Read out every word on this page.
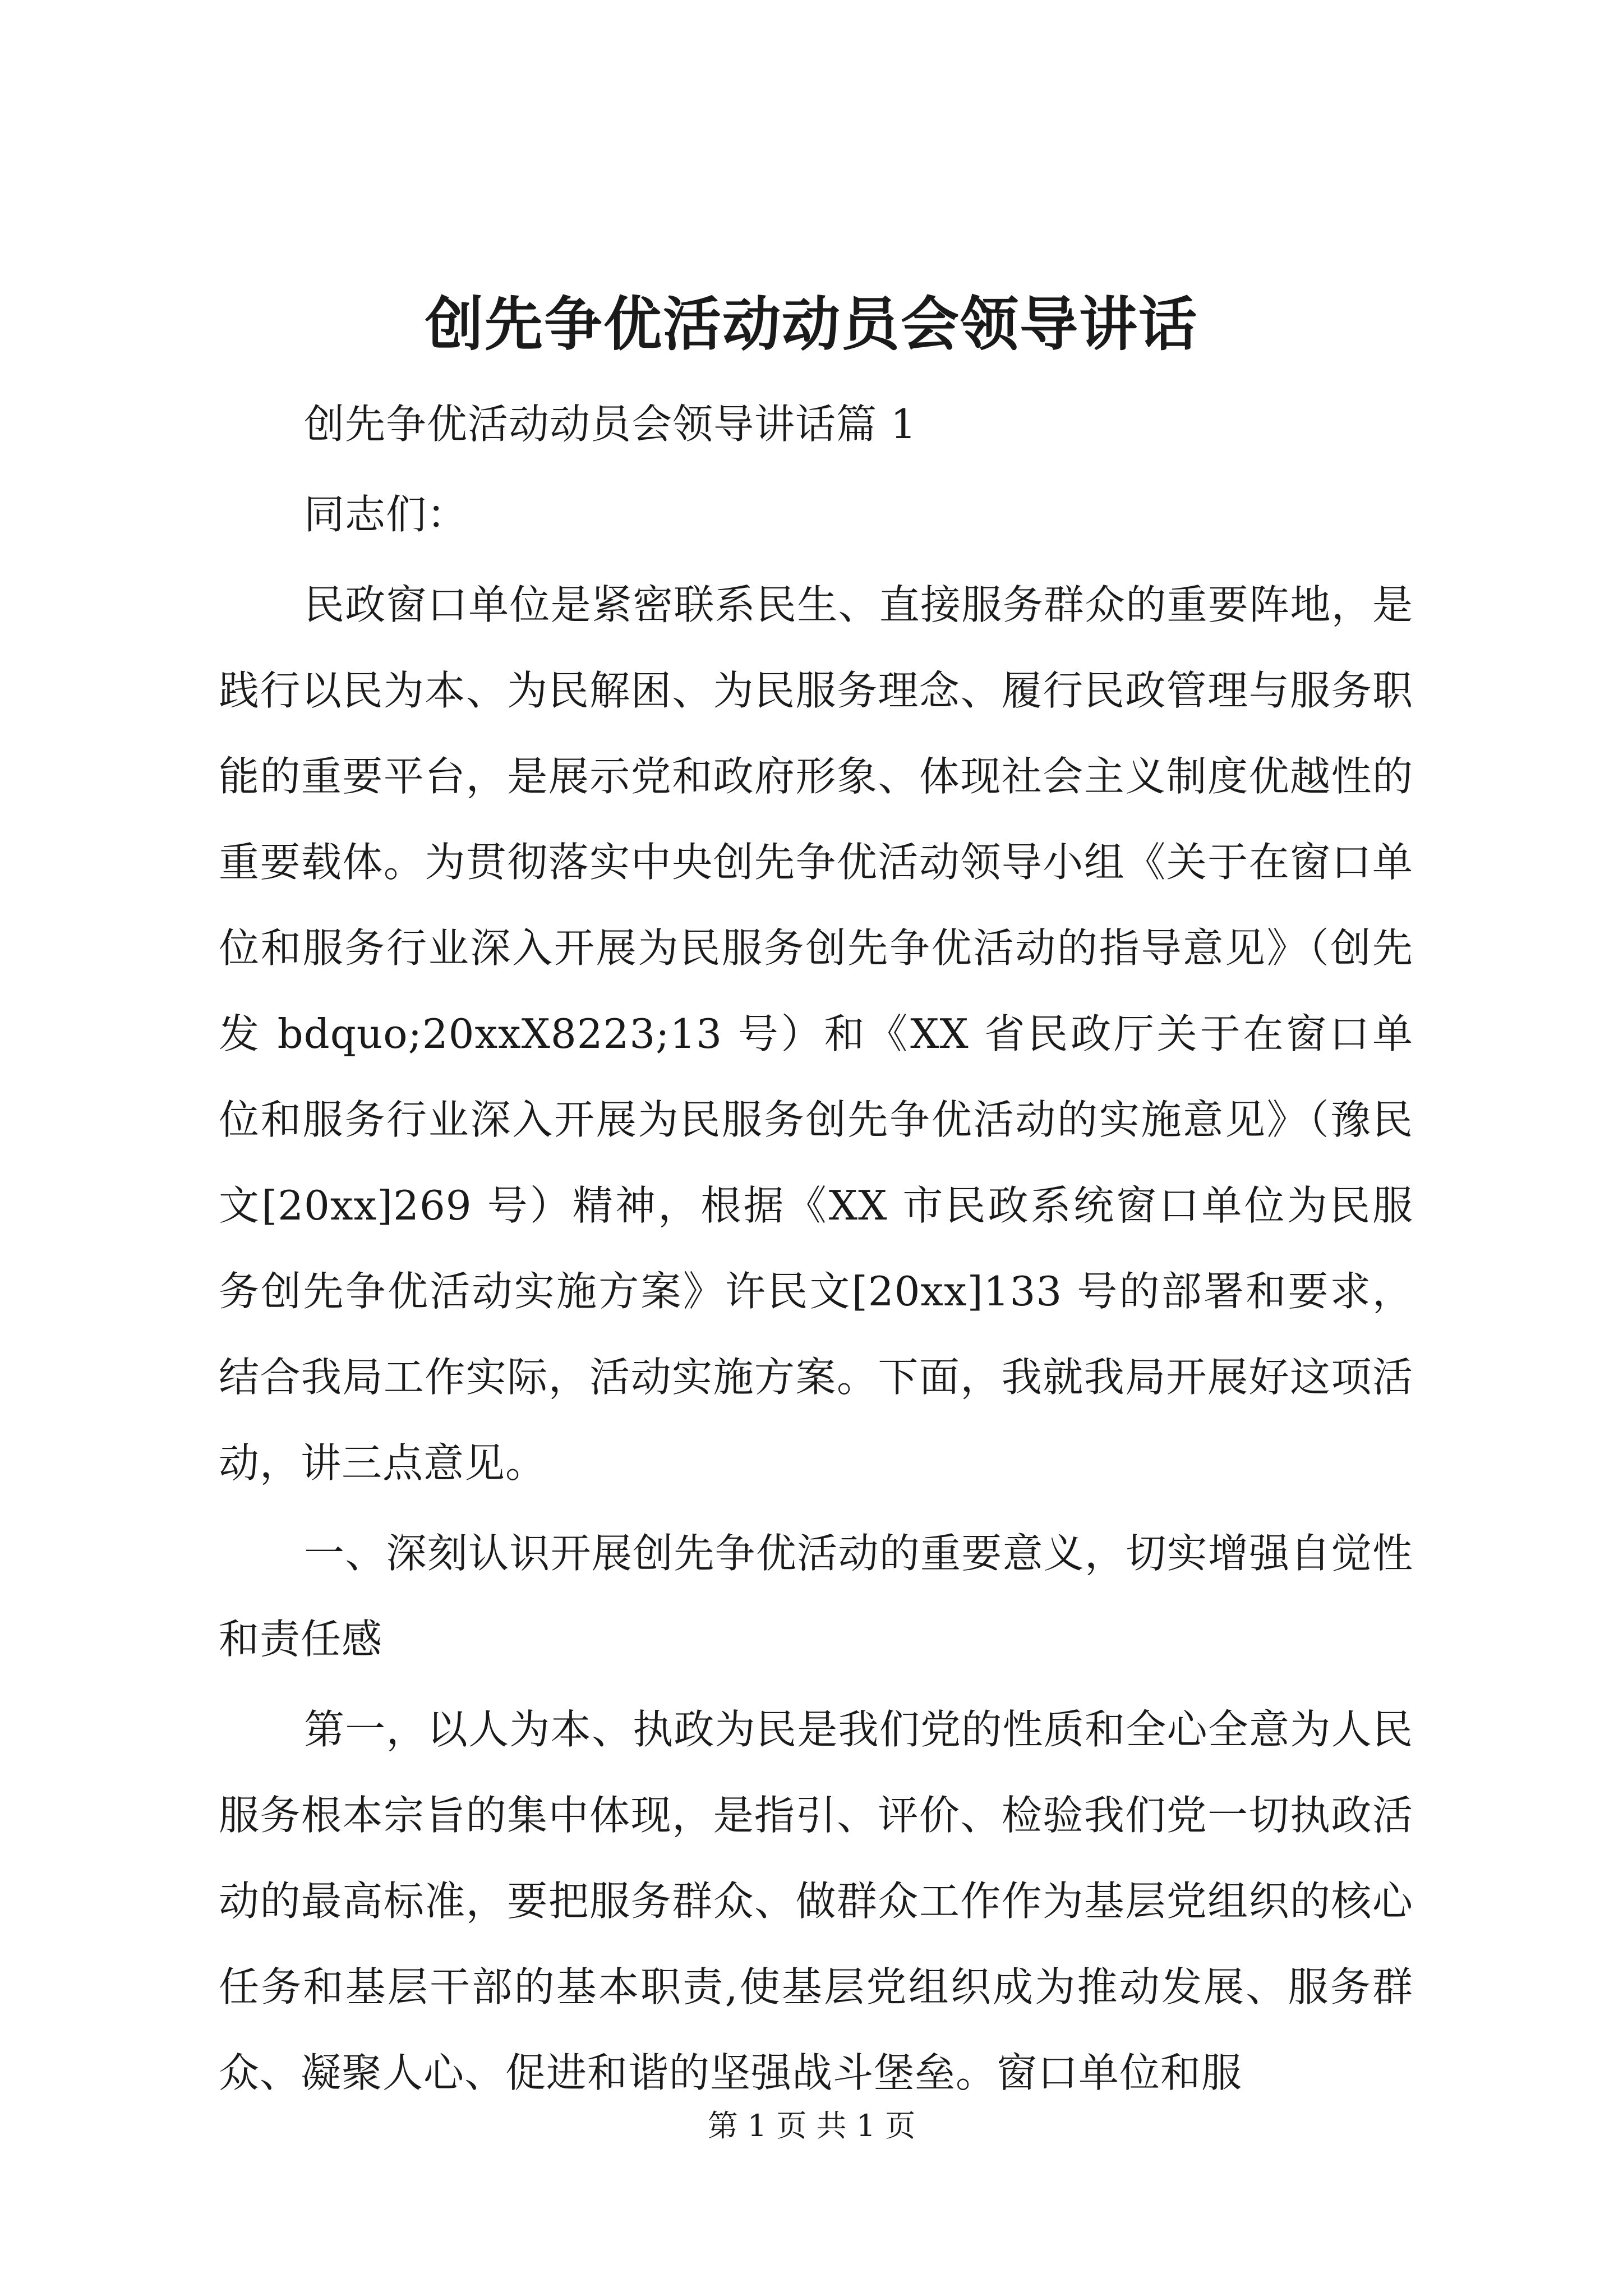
创先争优活动动员会领导讲话

创先争优活动动员会领导讲话篇 1

同志们：

民政窗口单位是紧密联系民生、直接服务群众的重要阵地，是践行以民为本、为民解困、为民服务理念、履行民政管理与服务职能的重要平台，是展示党和政府形象、体现社会主义制度优越性的重要载体。为贯彻落实中央创先争优活动领导小组《关于在窗口单位和服务行业深入开展为民服务创先争优活动的指导意见》（创先发 bdquo;20xxX8223;13 号）和《XX 省民政厅关于在窗口单位和服务行业深入开展为民服务创先争优活动的实施意见》（豫民文[20xx]269 号）精神，根据《XX 市民政系统窗口单位为民服务创先争优活动实施方案》许民文[20xx]133 号的部署和要求，结合我局工作实际，活动实施方案。下面，我就我局开展好这项活动，讲三点意见。

一、深刻认识开展创先争优活动的重要意义，切实增强自觉性和责任感

第一，以人为本、执政为民是我们党的性质和全心全意为人民服务根本宗旨的集中体现，是指引、评价、检验我们党一切执政活动的最高标准，要把服务群众、做群众工作作为基层党组织的核心任务和基层干部的基本职责,使基层党组织成为推动发展、服务群众、凝聚人心、促进和谐的坚强战斗堡垒。窗口单位和服

第 1 页 共 1 页
